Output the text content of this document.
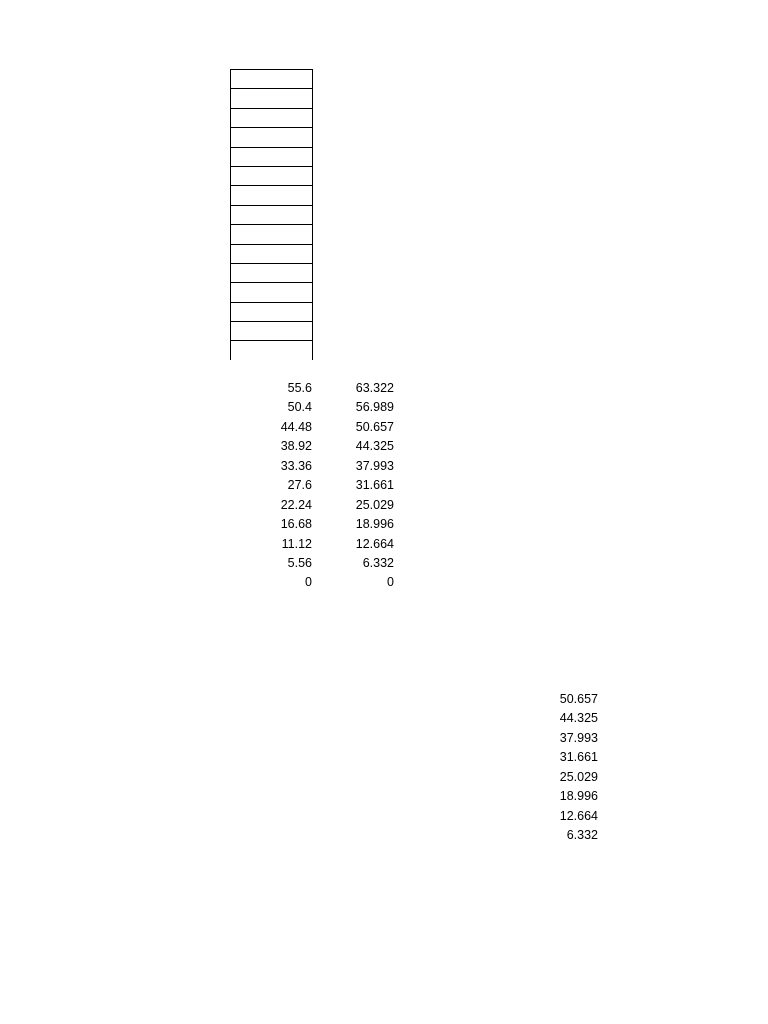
55.6
50.4
44.48
38.92
33.36
27.6
22.24
16.68
11.12
5.56
0
63.322
56.989
50.657
44.325
37.993
31.661
25.029
18.996
12.664
6.332
0
50.657
44.325
37.993
31.661
25.029
18.996
12.664
6.332
